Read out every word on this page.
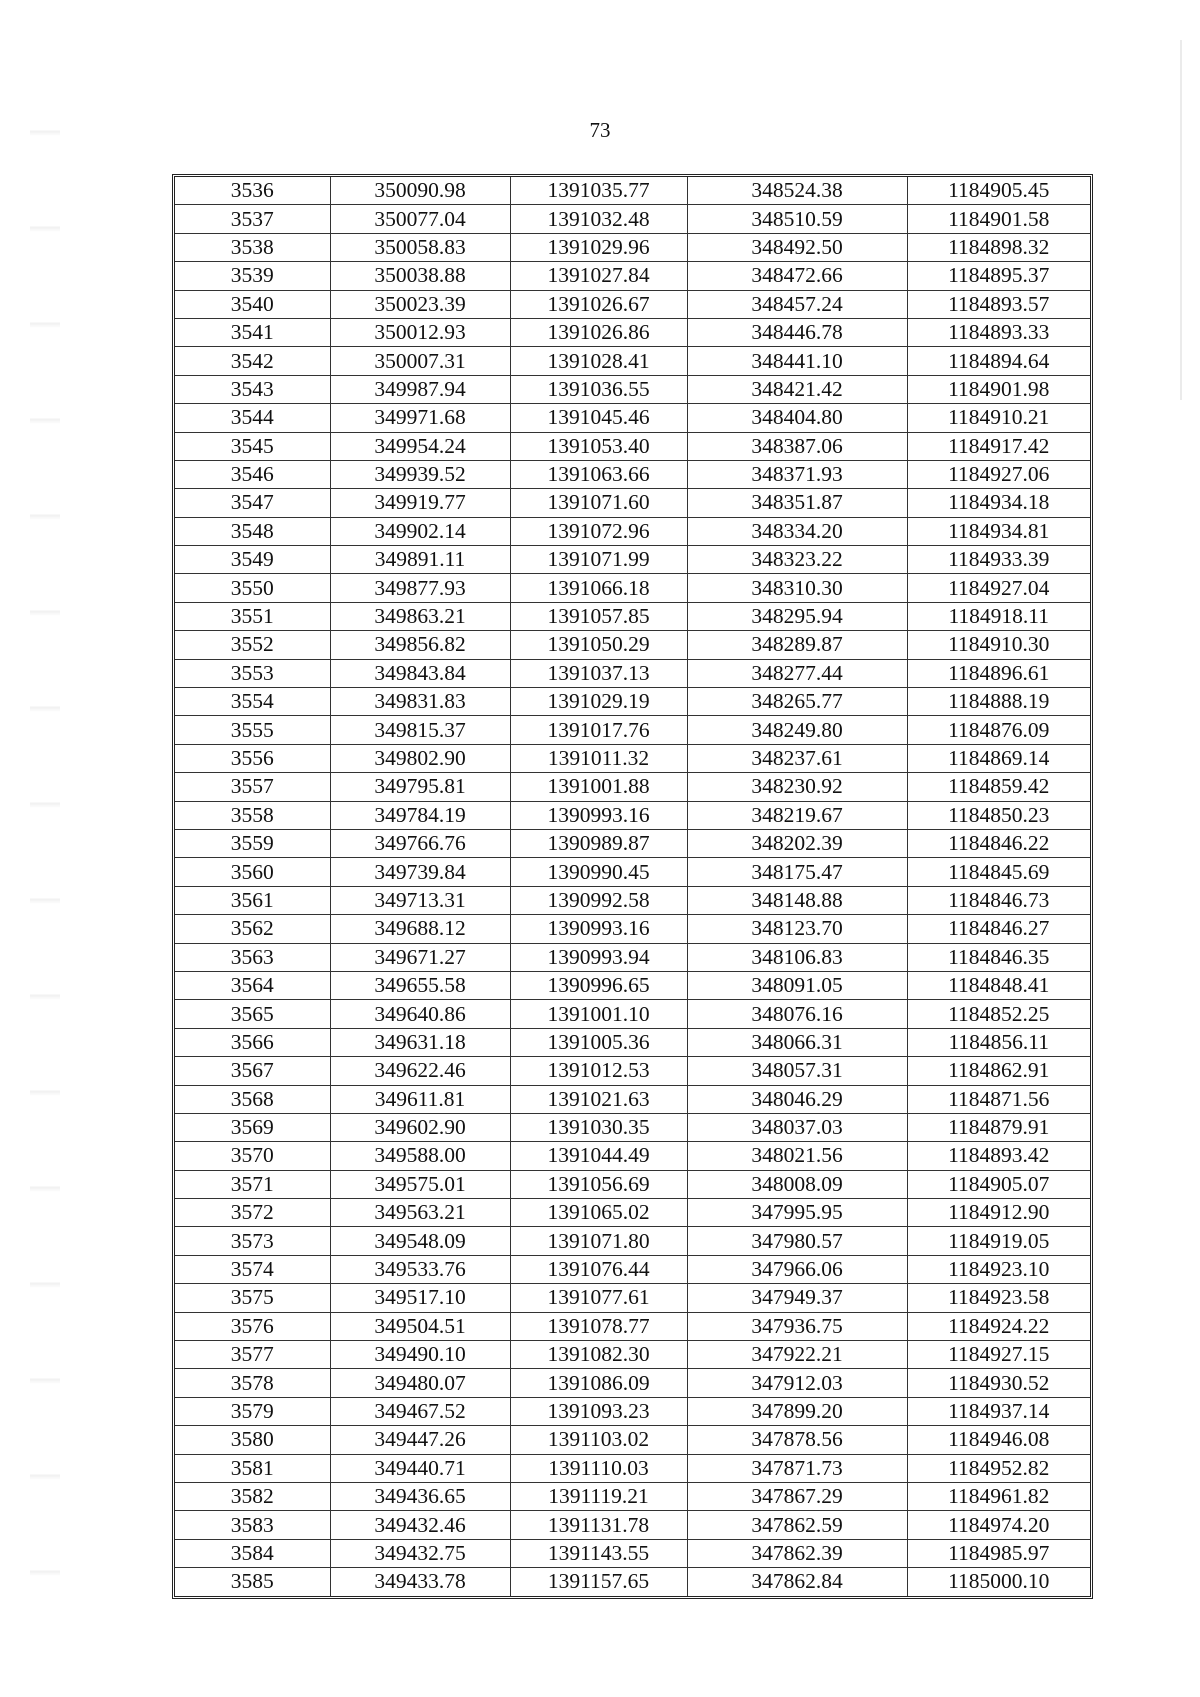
73
3536	350090.98	1391035.77	348524.38	1184905.45
3537	350077.04	1391032.48	348510.59	1184901.58
3538	350058.83	1391029.96	348492.50	1184898.32
3539	350038.88	1391027.84	348472.66	1184895.37
3540	350023.39	1391026.67	348457.24	1184893.57
3541	350012.93	1391026.86	348446.78	1184893.33
3542	350007.31	1391028.41	348441.10	1184894.64
3543	349987.94	1391036.55	348421.42	1184901.98
3544	349971.68	1391045.46	348404.80	1184910.21
3545	349954.24	1391053.40	348387.06	1184917.42
3546	349939.52	1391063.66	348371.93	1184927.06
3547	349919.77	1391071.60	348351.87	1184934.18
3548	349902.14	1391072.96	348334.20	1184934.81
3549	349891.11	1391071.99	348323.22	1184933.39
3550	349877.93	1391066.18	348310.30	1184927.04
3551	349863.21	1391057.85	348295.94	1184918.11
3552	349856.82	1391050.29	348289.87	1184910.30
3553	349843.84	1391037.13	348277.44	1184896.61
3554	349831.83	1391029.19	348265.77	1184888.19
3555	349815.37	1391017.76	348249.80	1184876.09
3556	349802.90	1391011.32	348237.61	1184869.14
3557	349795.81	1391001.88	348230.92	1184859.42
3558	349784.19	1390993.16	348219.67	1184850.23
3559	349766.76	1390989.87	348202.39	1184846.22
3560	349739.84	1390990.45	348175.47	1184845.69
3561	349713.31	1390992.58	348148.88	1184846.73
3562	349688.12	1390993.16	348123.70	1184846.27
3563	349671.27	1390993.94	348106.83	1184846.35
3564	349655.58	1390996.65	348091.05	1184848.41
3565	349640.86	1391001.10	348076.16	1184852.25
3566	349631.18	1391005.36	348066.31	1184856.11
3567	349622.46	1391012.53	348057.31	1184862.91
3568	349611.81	1391021.63	348046.29	1184871.56
3569	349602.90	1391030.35	348037.03	1184879.91
3570	349588.00	1391044.49	348021.56	1184893.42
3571	349575.01	1391056.69	348008.09	1184905.07
3572	349563.21	1391065.02	347995.95	1184912.90
3573	349548.09	1391071.80	347980.57	1184919.05
3574	349533.76	1391076.44	347966.06	1184923.10
3575	349517.10	1391077.61	347949.37	1184923.58
3576	349504.51	1391078.77	347936.75	1184924.22
3577	349490.10	1391082.30	347922.21	1184927.15
3578	349480.07	1391086.09	347912.03	1184930.52
3579	349467.52	1391093.23	347899.20	1184937.14
3580	349447.26	1391103.02	347878.56	1184946.08
3581	349440.71	1391110.03	347871.73	1184952.82
3582	349436.65	1391119.21	347867.29	1184961.82
3583	349432.46	1391131.78	347862.59	1184974.20
3584	349432.75	1391143.55	347862.39	1184985.97
3585	349433.78	1391157.65	347862.84	1185000.10
